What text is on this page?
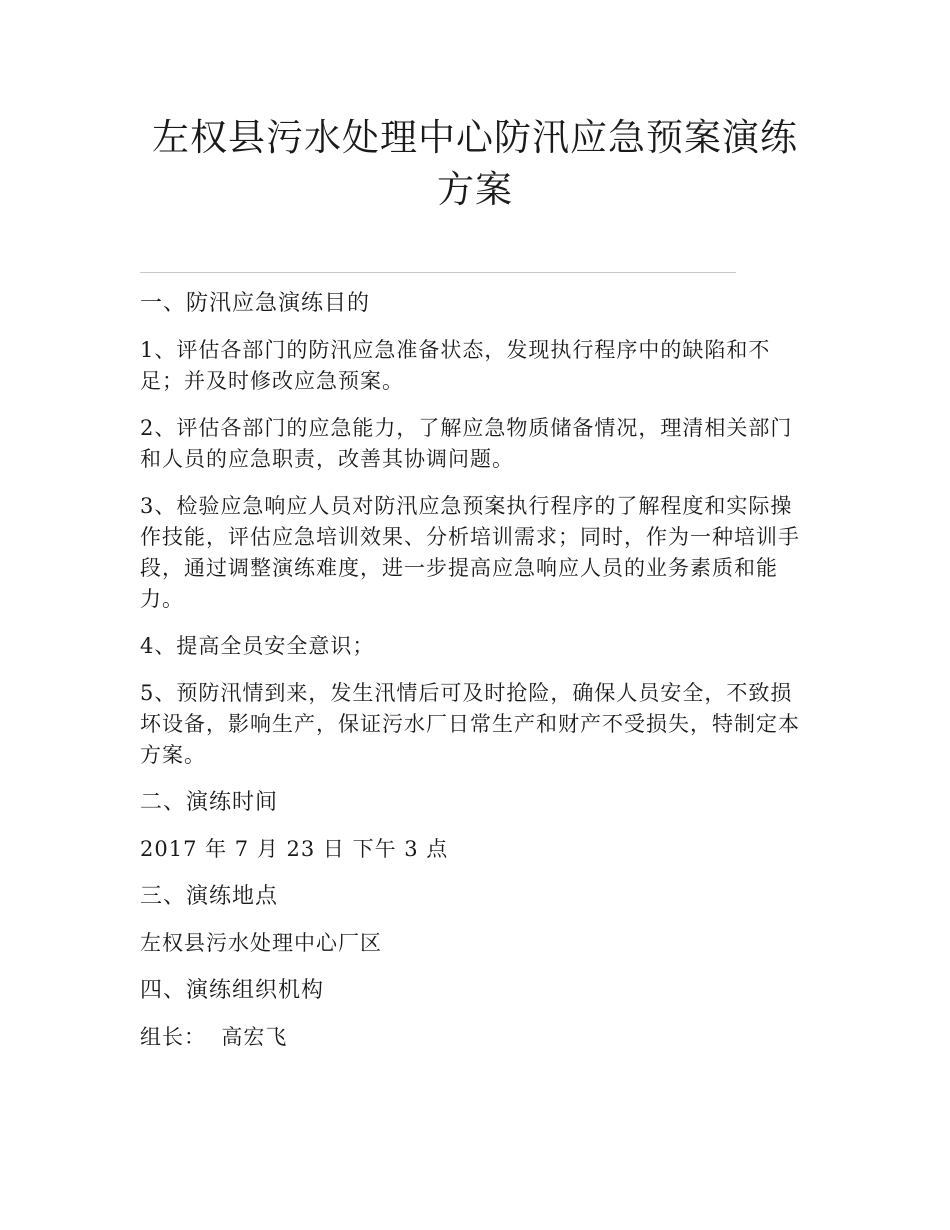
左权县污水处理中心防汛应急预案演练方案

一、防汛应急演练目的

1、评估各部门的防汛应急准备状态，发现执行程序中的缺陷和不足；并及时修改应急预案。

2、评估各部门的应急能力，了解应急物质储备情况，理清相关部门和人员的应急职责，改善其协调问题。

3、检验应急响应人员对防汛应急预案执行程序的了解程度和实际操作技能，评估应急培训效果、分析培训需求；同时，作为一种培训手段，通过调整演练难度，进一步提高应急响应人员的业务素质和能力。

4、提高全员安全意识；

5、预防汛情到来，发生汛情后可及时抢险，确保人员安全，不致损坏设备，影响生产，保证污水厂日常生产和财产不受损失，特制定本方案。

二、演练时间

2017 年 7 月 23 日 下午 3 点

三、演练地点

左权县污水处理中心厂区

四、演练组织机构

组长：  高宏飞
